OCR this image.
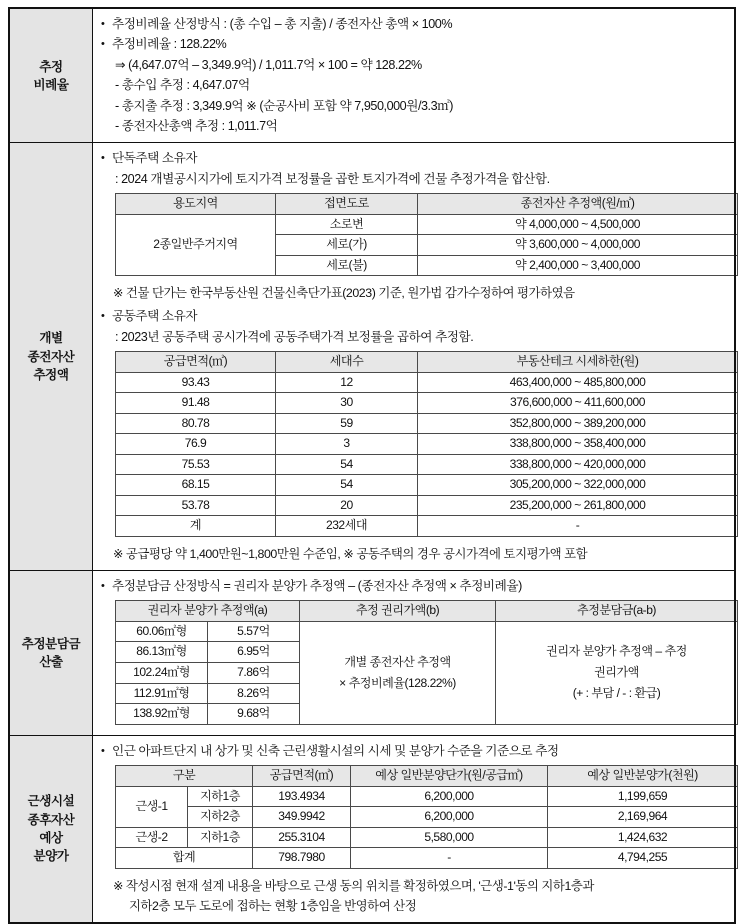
추정
비례율

• 추정비례율 산정방식 : (총 수입 – 총 지출) / 종전자산 총액 × 100%
• 추정비례율 : 128.22%
⇒ (4,647.07억 – 3,349.9억) / 1,011.7억 × 100 = 약 128.22%
- 총수입 추정 : 4,647.07억
- 총지출 추정 : 3,349.9억 ※ (순공사비 포함 약 7,950,000원/3.3㎡)
- 종전자산총액 추정 : 1,011.7억

개별
종전자산
추정액

• 단독주택 소유자
: 2024 개별공시지가에 토지가격 보정률을 곱한 토지가격에 건물 추정가격을 합산함.
용도지역	접면도로	종전자산 추정액(원/㎡)
2종일반주거지역	소로변	약 4,000,000 ~ 4,500,000
세로(가)	약 3,600,000 ~ 4,000,000
세로(불)	약 2,400,000 ~ 3,400,000
※ 건물 단가는 한국부동산원 건물신축단가표(2023) 기준, 원가법 감가수정하여 평가하였음
• 공동주택 소유자
: 2023년 공동주택 공시가격에 공동주택가격 보정률을 곱하여 추정함.
공급면적(㎡)	세대수	부동산테크 시세하한(원)
93.43	12	463,400,000 ~ 485,800,000
91.48	30	376,600,000 ~ 411,600,000
80.78	59	352,800,000 ~ 389,200,000
76.9	3	338,800,000 ~ 358,400,000
75.53	54	338,800,000 ~ 420,000,000
68.15	54	305,200,000 ~ 322,000,000
53.78	20	235,200,000 ~ 261,800,000
계	232세대	-
※ 공급평당 약 1,400만원~1,800만원 수준임, ※ 공동주택의 경우 공시가격에 토지평가액 포함

추정분담금
산출

• 추정분담금 산정방식 = 권리자 분양가 추정액 – (종전자산 추정액 × 추정비례율)
권리자 분양가 추정액(a)	추정 권리가액(b)	추정분담금(a-b)
60.06㎡형	5.57억	
개별 종전자산 추정액
× 추정비례율(128.22%)

권리자 분양가 추정액 – 추정
권리가액
(+ : 부담 / - : 환급)

86.13㎡형	6.95억
102.24㎡형	7.86억
112.91㎡형	8.26억
138.92㎡형	9.68억

근생시설
종후자산
예상
분양가

• 인근 아파트단지 내 상가 및 신축 근린생활시설의 시세 및 분양가 수준을 기준으로 추정
구분	공급면적(㎡)	예상 일반분양단가(원/공급㎡)	예상 일반분양가(천원)
근생-1	지하1층	193.4934	6,200,000	1,199,659
지하2층	349.9942	6,200,000	2,169,964
근생-2	지하1층	255.3104	5,580,000	1,424,632
합계	798.7980	-	4,794,255
※ 작성시점 현재 설계 내용을 바탕으로 근생 동의 위치를 확정하였으며, '근생-1'동의 지하1층과
지하2층 모두 도로에 접하는 현황 1층임을 반영하여 산정
